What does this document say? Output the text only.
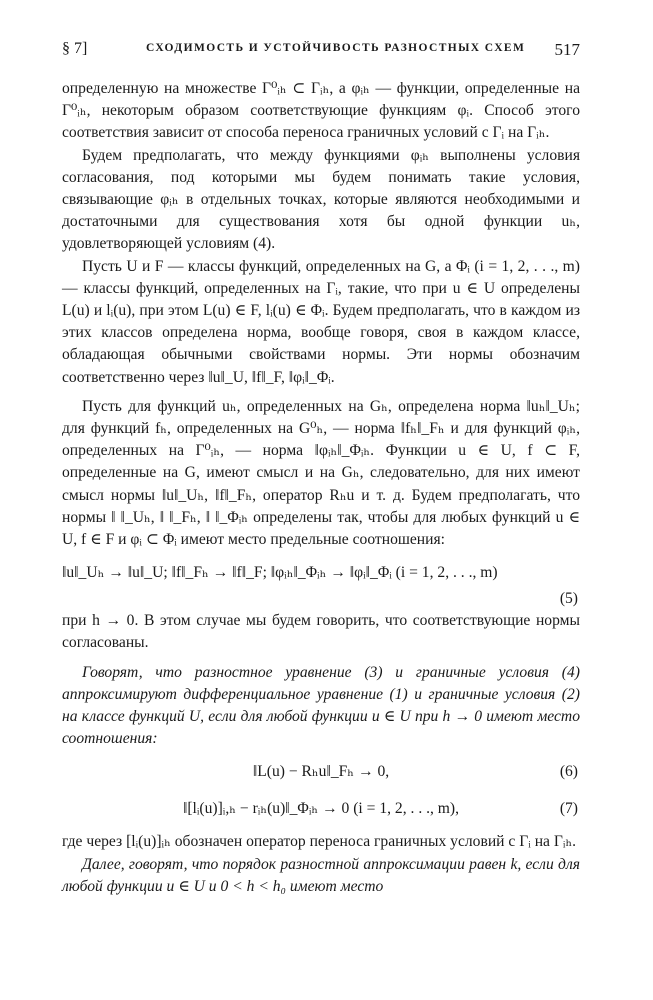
§ 7]	СХОДИМОСТЬ И УСТОЙЧИВОСТЬ РАЗНОСТНЫХ СХЕМ 517

определенную на множестве Γ⁰ᵢₕ ⊂ Γᵢₕ, а φᵢₕ — функции, определенные на Γ⁰ᵢₕ, некоторым образом соответствующие функциям φᵢ. Способ этого соответствия зависит от способа переноса граничных условий с Γᵢ на Γᵢₕ.

Будем предполагать, что между функциями φᵢₕ выполнены условия согласования, под которыми мы будем понимать такие условия, связывающие φᵢₕ в отдельных точках, которые являются необходимыми и достаточными для существования хотя бы одной функции uₕ, удовлетворяющей условиям (4).

Пусть U и F — классы функций, определенных на G, а Φᵢ (i = 1, 2, . . ., m) — классы функций, определенных на Γᵢ, такие, что при u ∈ U определены L(u) и lᵢ(u), при этом L(u) ∈ F, lᵢ(u) ∈ Φᵢ. Будем предполагать, что в каждом из этих классов определена норма, вообще говоря, своя в каждом классе, обладающая обычными свойствами нормы. Эти нормы обозначим соответственно через ‖u‖_U, ‖f‖_F, ‖φᵢ‖_Φᵢ.

Пусть для функций uₕ, определенных на Gₕ, определена норма ‖uₕ‖_Uₕ; для функций fₕ, определенных на G⁰ₕ, — норма ‖fₕ‖_Fₕ и для функций φᵢₕ, определенных на Γ⁰ᵢₕ, — норма ‖φᵢₕ‖_Φᵢₕ. Функции u ∈ U, f ⊂ F, определенные на G, имеют смысл и на Gₕ, следовательно, для них имеют смысл нормы ‖u‖_Uₕ, ‖f‖_Fₕ, оператор Rₕu и т. д. Будем предполагать, что нормы ‖ ‖_Uₕ, ‖ ‖_Fₕ, ‖ ‖_Φᵢₕ определены так, чтобы для любых функций u ∈ U, f ∈ F и φᵢ ⊂ Φᵢ имеют место предельные соотношения:

‖u‖_Uₕ → ‖u‖_U; ‖f‖_Fₕ → ‖f‖_F; ‖φᵢₕ‖_Φᵢₕ → ‖φᵢ‖_Φᵢ (i = 1, 2, . . ., m)
(5)

при h → 0. В этом случае мы будем говорить, что соответствующие нормы согласованы.

Говорят, что разностное уравнение (3) и граничные условия (4) аппроксимируют дифференциальное уравнение (1) и граничные условия (2) на классе функций U, если для любой функции u ∈ U при h → 0 имеют место соотношения:

‖L(u) − Rₕu‖_Fₕ → 0,	(6)
‖[lᵢ(u)]ᵢ,ₕ − rᵢₕ(u)‖_Φᵢₕ → 0 (i = 1, 2, . . ., m),	(7)

где через [lᵢ(u)]ᵢₕ обозначен оператор переноса граничных условий с Γᵢ на Γᵢₕ.

Далее, говорят, что порядок разностной аппроксимации равен k, если для любой функции u ∈ U и 0 < h < h₀ имеют место
